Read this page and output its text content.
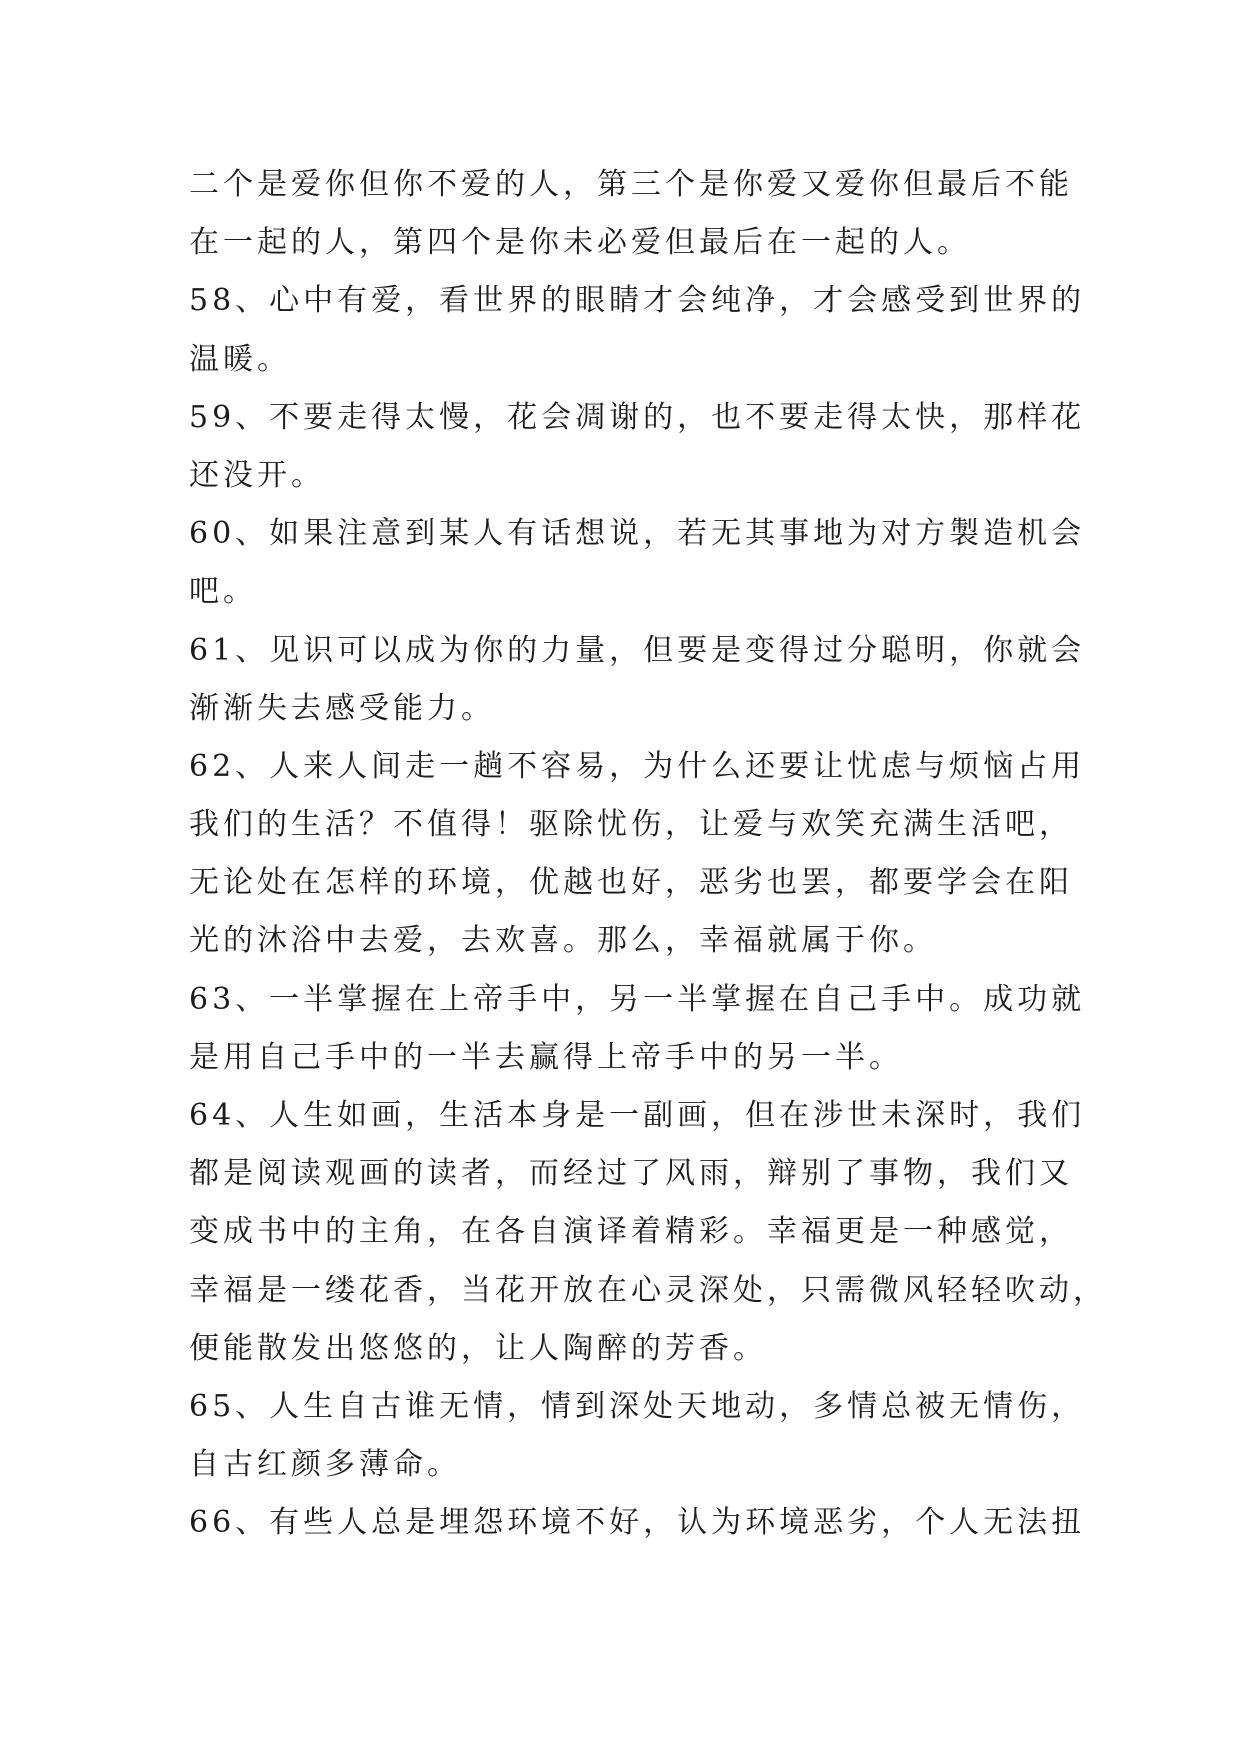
二个是爱你但你不爱的人，第三个是你爱又爱你但最后不能
在一起的人，第四个是你未必爱但最后在一起的人。
58、心中有爱，看世界的眼睛才会纯净，才会感受到世界的
温暖。
59、不要走得太慢，花会凋谢的，也不要走得太快，那样花
还没开。
60、如果注意到某人有话想说，若无其事地为对方製造机会
吧。
61、见识可以成为你的力量，但要是变得过分聪明，你就会
渐渐失去感受能力。
62、人来人间走一趟不容易，为什么还要让忧虑与烦恼占用
我们的生活？不值得！驱除忧伤，让爱与欢笑充满生活吧，
无论处在怎样的环境，优越也好，恶劣也罢，都要学会在阳
光的沐浴中去爱，去欢喜。那么，幸福就属于你。
63、一半掌握在上帝手中，另一半掌握在自己手中。成功就
是用自己手中的一半去赢得上帝手中的另一半。
64、人生如画，生活本身是一副画，但在涉世未深时，我们
都是阅读观画的读者，而经过了风雨，辩别了事物，我们又
变成书中的主角，在各自演译着精彩。幸福更是一种感觉，
幸福是一缕花香，当花开放在心灵深处，只需微风轻轻吹动，
便能散发出悠悠的，让人陶醉的芳香。
65、人生自古谁无情，情到深处天地动，多情总被无情伤，
自古红颜多薄命。
66、有些人总是埋怨环境不好，认为环境恶劣，个人无法扭
